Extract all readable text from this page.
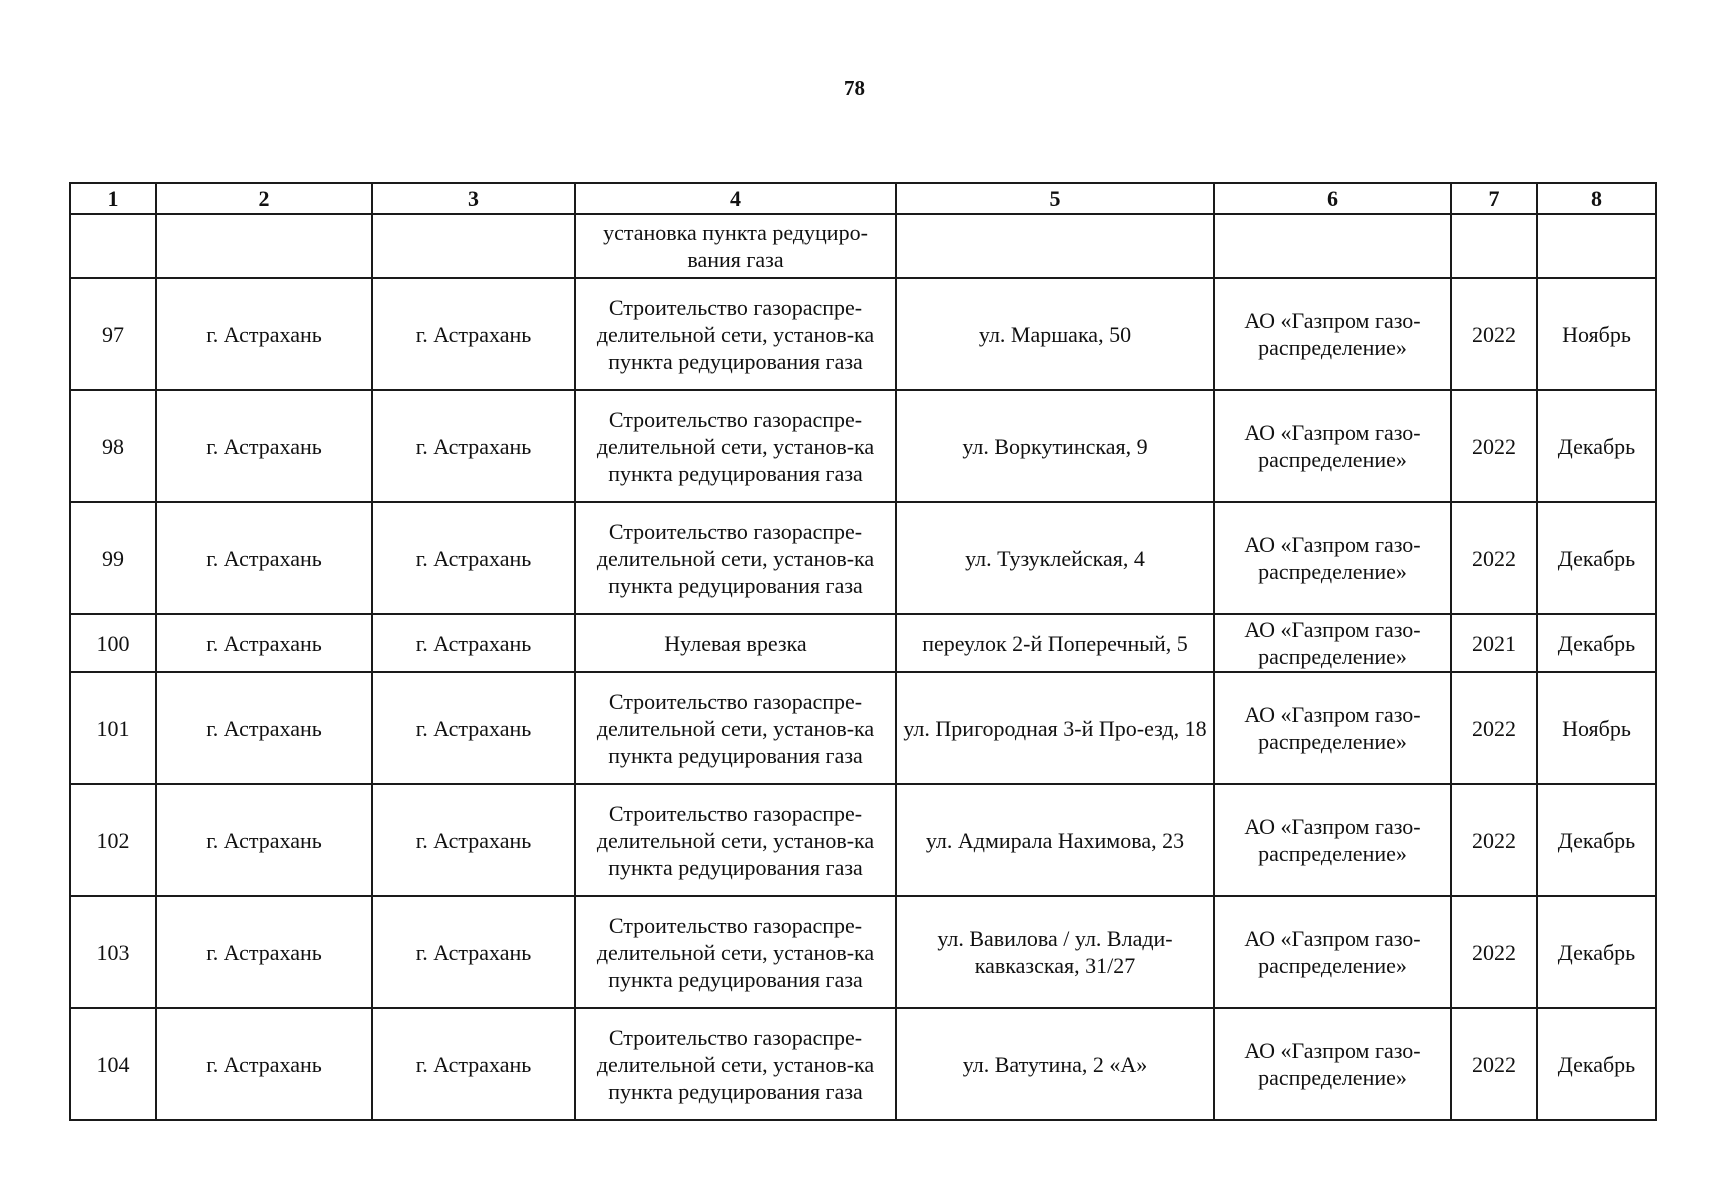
78
1	2	3	4	5	6	7	8
			установка пункта редуциро-вания газа				
97	г. Астрахань	г. Астрахань	Строительство газораспре-делительной сети, установ-ка пункта редуцирования газа	ул. Маршака, 50	АО «Газпром газо-распределение»	2022	Ноябрь
98	г. Астрахань	г. Астрахань	Строительство газораспре-делительной сети, установ-ка пункта редуцирования газа	ул. Воркутинская, 9	АО «Газпром газо-распределение»	2022	Декабрь
99	г. Астрахань	г. Астрахань	Строительство газораспре-делительной сети, установ-ка пункта редуцирования газа	ул. Тузуклейская, 4	АО «Газпром газо-распределение»	2022	Декабрь
100	г. Астрахань	г. Астрахань	Нулевая врезка	переулок 2-й Поперечный, 5	АО «Газпром газо-распределение»	2021	Декабрь
101	г. Астрахань	г. Астрахань	Строительство газораспре-делительной сети, установ-ка пункта редуцирования газа	ул. Пригородная 3-й Про-езд, 18	АО «Газпром газо-распределение»	2022	Ноябрь
102	г. Астрахань	г. Астрахань	Строительство газораспре-делительной сети, установ-ка пункта редуцирования газа	ул. Адмирала Нахимова, 23	АО «Газпром газо-распределение»	2022	Декабрь
103	г. Астрахань	г. Астрахань	Строительство газораспре-делительной сети, установ-ка пункта редуцирования газа	ул. Вавилова / ул. Влади-кавказская, 31/27	АО «Газпром газо-распределение»	2022	Декабрь
104	г. Астрахань	г. Астрахань	Строительство газораспре-делительной сети, установ-ка пункта редуцирования газа	ул. Ватутина, 2 «А»	АО «Газпром газо-распределение»	2022	Декабрь
